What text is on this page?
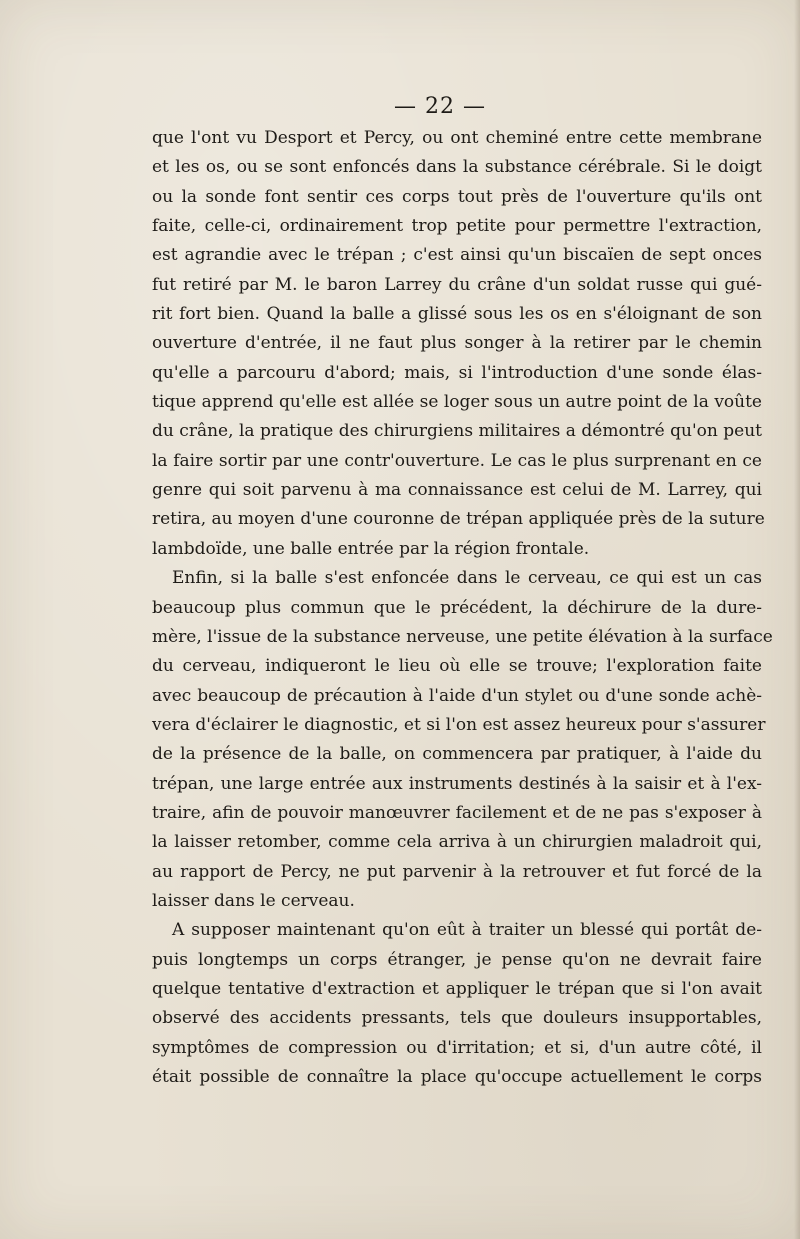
— 22 —
que l'ont vu Desport et Percy, ou ont cheminé entre cette membrane
et les os, ou se sont enfoncés dans la substance cérébrale. Si le doigt
ou la sonde font sentir ces corps tout près de l'ouverture qu'ils ont
faite, celle-ci, ordinairement trop petite pour permettre l'extraction,
est agrandie avec le trépan ; c'est ainsi qu'un biscaïen de sept onces
fut retiré par M. le baron Larrey du crâne d'un soldat russe qui gué-
rit fort bien. Quand la balle a glissé sous les os en s'éloignant de son
ouverture d'entrée, il ne faut plus songer à la retirer par le chemin
qu'elle a parcouru d'abord; mais, si l'introduction d'une sonde élas-
tique apprend qu'elle est allée se loger sous un autre point de la voûte
du crâne, la pratique des chirurgiens militaires a démontré qu'on peut
la faire sortir par une contr'ouverture. Le cas le plus surprenant en ce
genre qui soit parvenu à ma connaissance est celui de M. Larrey, qui
retira, au moyen d'une couronne de trépan appliquée près de la suture
lambdoïde, une balle entrée par la région frontale.
Enfin, si la balle s'est enfoncée dans le cerveau, ce qui est un cas
beaucoup plus commun que le précédent, la déchirure de la dure-
mère, l'issue de la substance nerveuse, une petite élévation à la surface
du cerveau, indiqueront le lieu où elle se trouve; l'exploration faite
avec beaucoup de précaution à l'aide d'un stylet ou d'une sonde achè-
vera d'éclairer le diagnostic, et si l'on est assez heureux pour s'assurer
de la présence de la balle, on commencera par pratiquer, à l'aide du
trépan, une large entrée aux instruments destinés à la saisir et à l'ex-
traire, afin de pouvoir manœuvrer facilement et de ne pas s'exposer à
la laisser retomber, comme cela arriva à un chirurgien maladroit qui,
au rapport de Percy, ne put parvenir à la retrouver et fut forcé de la
laisser dans le cerveau.
A supposer maintenant qu'on eût à traiter un blessé qui portât de-
puis longtemps un corps étranger, je pense qu'on ne devrait faire
quelque tentative d'extraction et appliquer le trépan que si l'on avait
observé des accidents pressants, tels que douleurs insupportables,
symptômes de compression ou d'irritation; et si, d'un autre côté, il
était possible de connaître la place qu'occupe actuellement le corps
